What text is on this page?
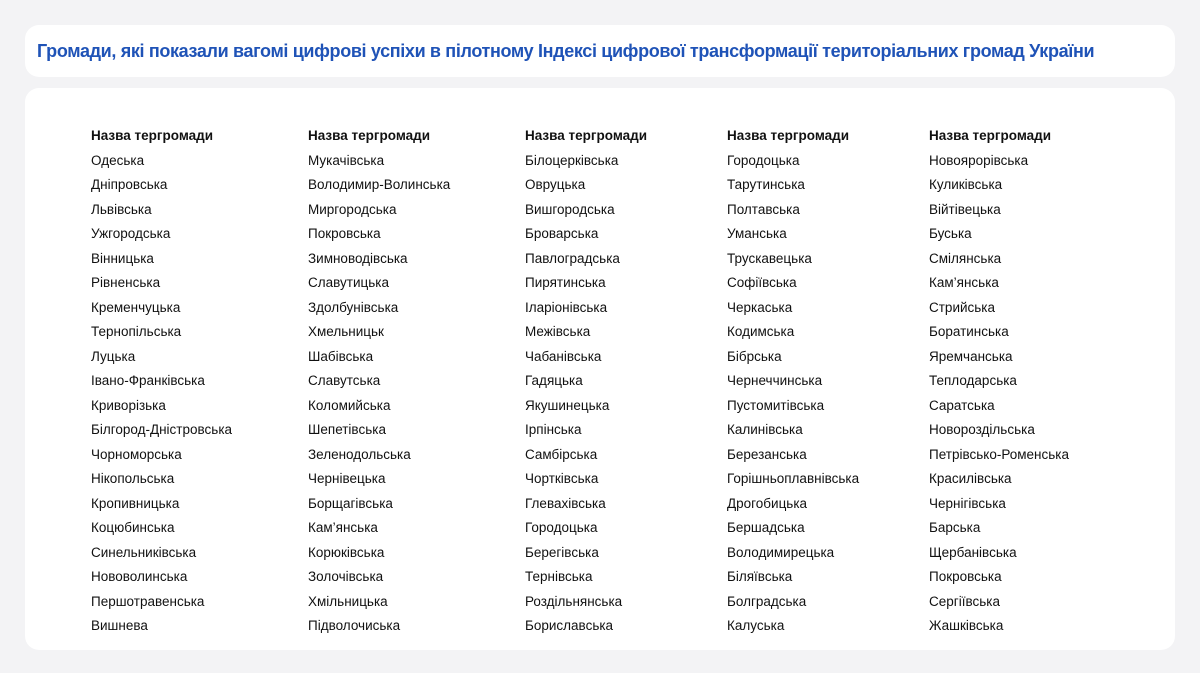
Громади, які показали вагомі цифрові успіхи в пілотному Індексі цифрової трансформації територіальних громад України
Назва тергромади
Одеська
Дніпровська
Львівська
Ужгородська
Вінницька
Рівненська
Кременчуцька
Тернопільська
Луцька
Івано-Франківська
Криворізька
Білгород-Дністровська
Чорноморська
Нікопольська
Кропивницька
Коцюбинська
Синельниківська
Нововолинська
Першотравенська
Вишнева
Назва тергромади
Мукачівська
Володимир-Волинська
Миргородська
Покровська
Зимноводівська
Славутицька
Здолбунівська
Хмельницьк
Шабівська
Славутська
Коломийська
Шепетівська
Зеленодольська
Чернівецька
Борщагівська
Кам’янська
Корюківська
Золочівська
Хмільницька
Підволочиська
Назва тергромади
Білоцерківська
Овруцька
Вишгородська
Броварська
Павлоградська
Пирятинська
Іларіонівська
Межівська
Чабанівська
Гадяцька
Якушинецька
Ірпінська
Самбірська
Чортківська
Глевахівська
Городоцька
Берегівська
Тернівська
Роздільнянська
Бориславська
Назва тергромади
Городоцька
Тарутинська
Полтавська
Уманська
Трускавецька
Софіївська
Черкаська
Кодимська
Бібрська
Чернеччинська
Пустомитівська
Калинівська
Березанська
Горішньоплавнівська
Дрогобицька
Бершадська
Володимирецька
Біляївська
Болградська
Калуська
Назва тергромади
Новоярорівська
Куликівська
Війтівецька
Буська
Смілянська
Кам’янська
Стрийська
Боратинська
Яремчанська
Теплодарська
Саратська
Новороздільська
Петрівсько-Роменська
Красилівська
Чернігівська
Барська
Щербанівська
Покровська
Сергіївська
Жашківська
